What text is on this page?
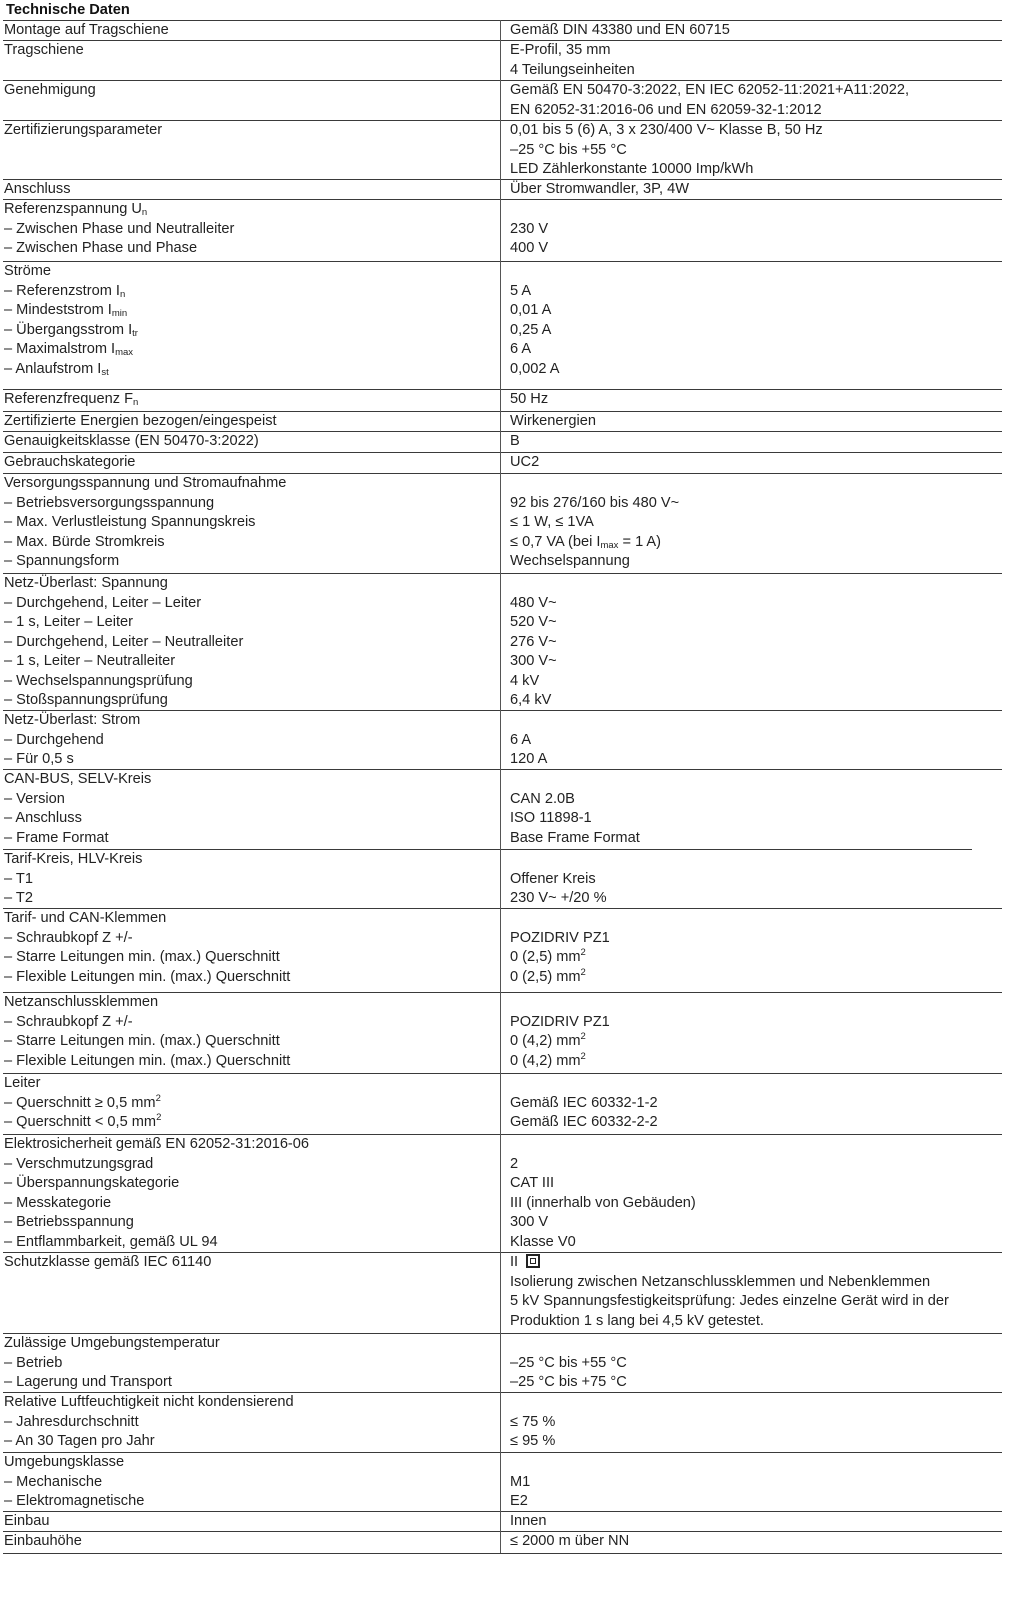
Technische Daten
Montage auf Tragschiene	Gemäß DIN 43380 und EN 60715
Tragschiene	E-Profil, 35 mm
4 Teilungseinheiten
Genehmigung	Gemäß EN 50470-3:2022, EN IEC 62052-11:2021+A11:2022,
EN 62052-31:2016-06 und EN 62059-32-1:2012
Zertifizierungsparameter	0,01 bis 5 (6) A, 3 x 230/400 V~ Klasse B, 50 Hz
–25 °C bis +55 °C
LED Zählerkonstante 10000 Imp/kWh
Anschluss	Über Stromwandler, 3P, 4W
Referenzspannung $U_n$
– Zwischen Phase und Neutralleiter	230 V
– Zwischen Phase und Phase	400 V
Ströme
– Referenzstrom $I_n$	5 A
– Mindeststrom $I_{min}$	0,01 A
– Übergangsstrom $I_{tr}$	0,25 A
– Maximalstrom $I_{max}$	6 A
– Anlaufstrom $I_{st}$	0,002 A
Referenzfrequenz $F_n$	50 Hz
Zertifizierte Energien bezogen/eingespeist	Wirkenergien
Genauigkeitsklasse (EN 50470-3:2022)	B
Gebrauchskategorie	UC2
Versorgungsspannung und Stromaufnahme
– Betriebsversorgungsspannung	92 bis 276/160 bis 480 V~
– Max. Verlustleistung Spannungskreis	≤ 1 W, ≤ 1VA
– Max. Bürde Stromkreis	≤ 0,7 VA (bei $I_{max} = 1$ A)
– Spannungsform	Wechselspannung
Netz-Überlast: Spannung
– Durchgehend, Leiter – Leiter	480 V~
– 1 s, Leiter – Leiter	520 V~
– Durchgehend, Leiter – Neutralleiter	276 V~
– 1 s, Leiter – Neutralleiter	300 V~
– Wechselspannungsprüfung	4 kV
– Stoßspannungsprüfung	6,4 kV
Netz-Überlast: Strom
– Durchgehend	6 A
– Für 0,5 s	120 A
CAN-BUS, SELV-Kreis
– Version	CAN 2.0B
– Anschluss	ISO 11898-1
– Frame Format	Base Frame Format
Tarif-Kreis, HLV-Kreis
– T1	Offener Kreis
– T2	230 V~ +/20 %
Tarif- und CAN-Klemmen
– Schraubkopf Z +/-	POZIDRIV PZ1
– Starre Leitungen min. (max.) Querschnitt	0 (2,5) $mm^2$
– Flexible Leitungen min. (max.) Querschnitt	0 (2,5) $mm^2$
Netzanschlussklemmen
– Schraubkopf Z +/-	POZIDRIV PZ1
– Starre Leitungen min. (max.) Querschnitt	0 (4,2) $mm^2$
– Flexible Leitungen min. (max.) Querschnitt	0 (4,2) $mm^2$
Leiter
– Querschnitt ≥ 0,5 $mm^2$	Gemäß IEC 60332-1-2
– Querschnitt < 0,5 $mm^2$	Gemäß IEC 60332-2-2
Elektrosicherheit gemäß EN 62052-31:2016-06
– Verschmutzungsgrad	2
– Überspannungskategorie	CAT III
– Messkategorie	III (innerhalb von Gebäuden)
– Betriebsspannung	300 V
– Entflammbarkeit, gemäß UL 94	Klasse V0
Schutzklasse gemäß IEC 61140	II
Isolierung zwischen Netzanschlussklemmen und Nebenklemmen
5 kV Spannungsfestigkeitsprüfung: Jedes einzelne Gerät wird in der
Produktion 1 s lang bei 4,5 kV getestet.
Zulässige Umgebungstemperatur
– Betrieb	–25 °C bis +55 °C
– Lagerung und Transport	–25 °C bis +75 °C
Relative Luftfeuchtigkeit nicht kondensierend
– Jahresdurchschnitt	≤ 75 %
– An 30 Tagen pro Jahr	≤ 95 %
Umgebungsklasse
– Mechanische	M1
– Elektromagnetische	E2
Einbau	Innen
Einbauhöhe	≤ 2000 m über NN
